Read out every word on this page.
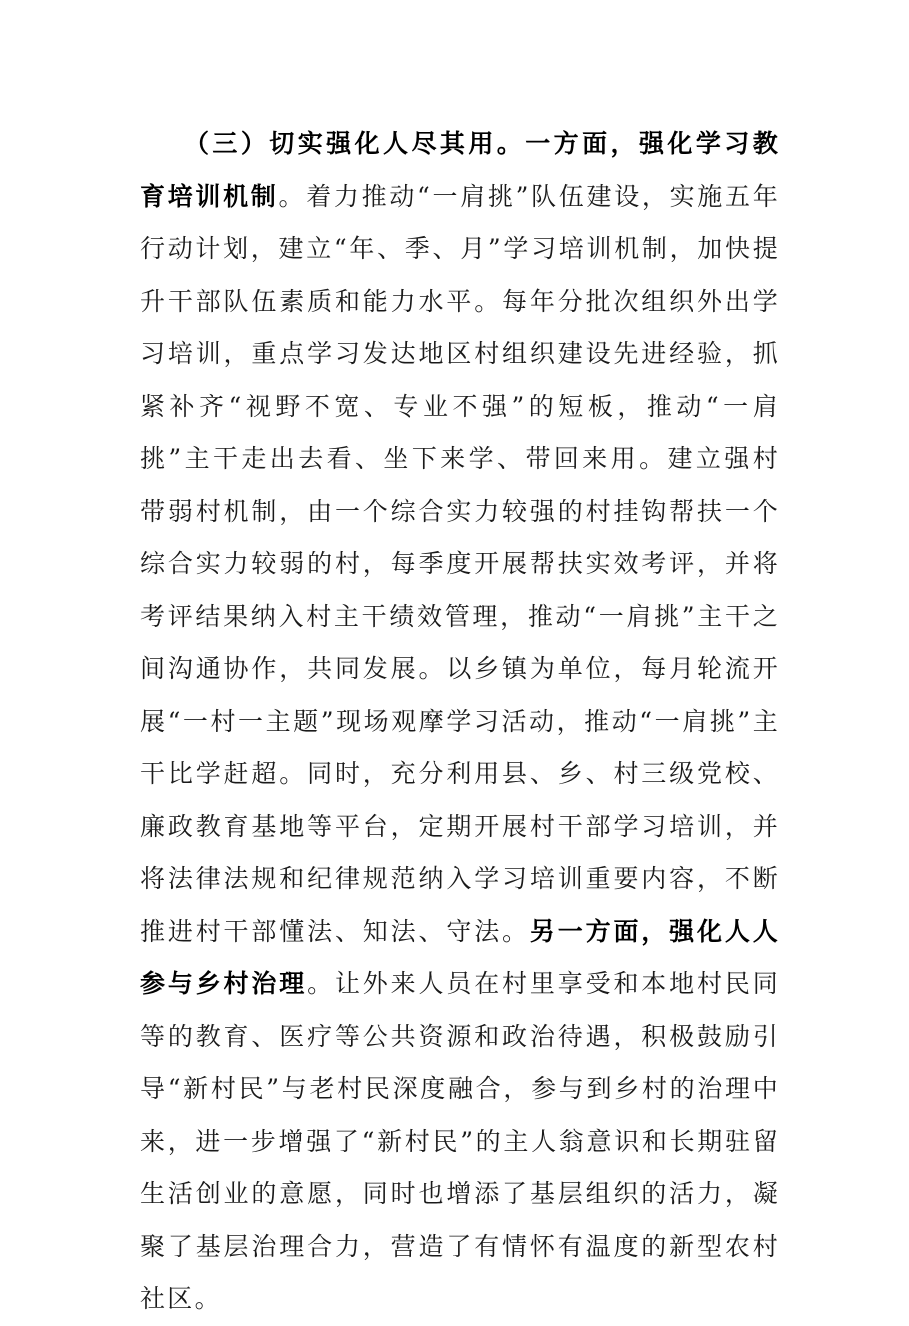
（三）切实强化人尽其用。一方面，强化学习教育培训机制。着力推动“一肩挑”队伍建设，实施五年行动计划，建立“年、季、月”学习培训机制，加快提升干部队伍素质和能力水平。每年分批次组织外出学习培训，重点学习发达地区村组织建设先进经验，抓紧补齐“视野不宽、专业不强”的短板，推动“一肩挑”主干走出去看、坐下来学、带回来用。建立强村带弱村机制，由一个综合实力较强的村挂钩帮扶一个综合实力较弱的村，每季度开展帮扶实效考评，并将考评结果纳入村主干绩效管理，推动“一肩挑”主干之间沟通协作，共同发展。以乡镇为单位，每月轮流开展“一村一主题”现场观摩学习活动，推动“一肩挑”主干比学赶超。同时，充分利用县、乡、村三级党校、廉政教育基地等平台，定期开展村干部学习培训，并将法律法规和纪律规范纳入学习培训重要内容，不断推进村干部懂法、知法、守法。另一方面，强化人人参与乡村治理。让外来人员在村里享受和本地村民同等的教育、医疗等公共资源和政治待遇，积极鼓励引导“新村民”与老村民深度融合，参与到乡村的治理中来，进一步增强了“新村民”的主人翁意识和长期驻留生活创业的意愿，同时也增添了基层组织的活力，凝聚了基层治理合力，营造了有情怀有温度的新型农村社区。
